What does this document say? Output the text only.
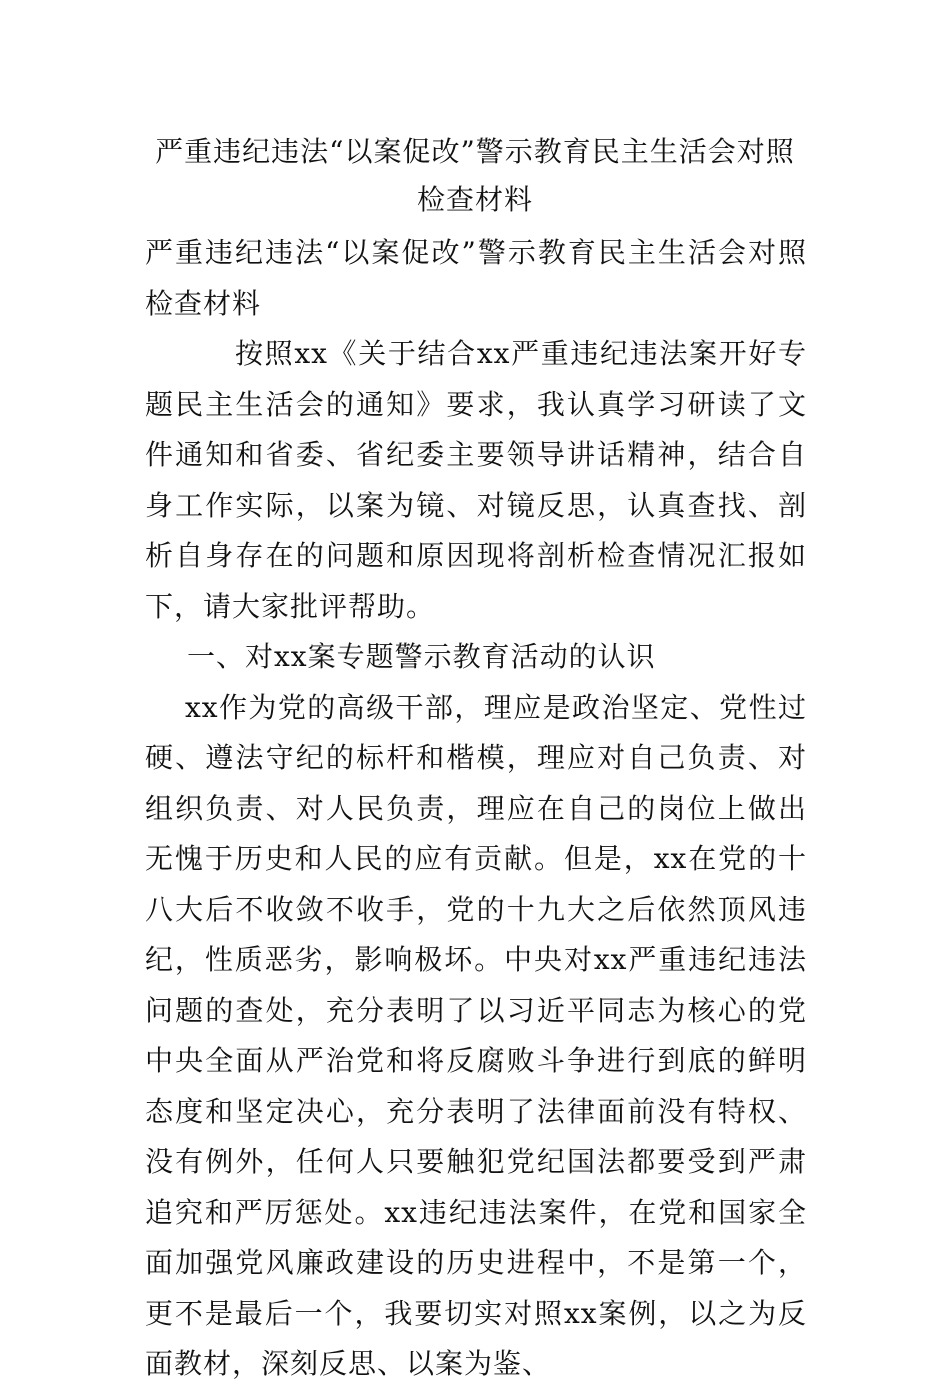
严重违纪违法“以案促改”警示教育民主生活会对照检查材料

严重违纪违法“以案促改”警示教育民主生活会对照检查材料

按照xx《关于结合xx严重违纪违法案开好专题民主生活会的通知》要求，我认真学习研读了文件通知和省委、省纪委主要领导讲话精神，结合自身工作实际，以案为镜、对镜反思，认真查找、剖析自身存在的问题和原因现将剖析检查情况汇报如下，请大家批评帮助。

一、对xx案专题警示教育活动的认识

xx作为党的高级干部，理应是政治坚定、党性过硬、遵法守纪的标杆和楷模，理应对自己负责、对组织负责、对人民负责，理应在自己的岗位上做出无愧于历史和人民的应有贡献。但是，xx在党的十八大后不收敛不收手，党的十九大之后依然顶风违纪，性质恶劣，影响极坏。中央对xx严重违纪违法问题的查处，充分表明了以习近平同志为核心的党中央全面从严治党和将反腐败斗争进行到底的鲜明态度和坚定决心，充分表明了法律面前没有特权、没有例外，任何人只要触犯党纪国法都要受到严肃追究和严厉惩处。xx违纪违法案件，在党和国家全面加强党风廉政建设的历史进程中，不是第一个，更不是最后一个，我要切实对照xx案例，以之为反面教材，深刻反思、以案为鉴、
